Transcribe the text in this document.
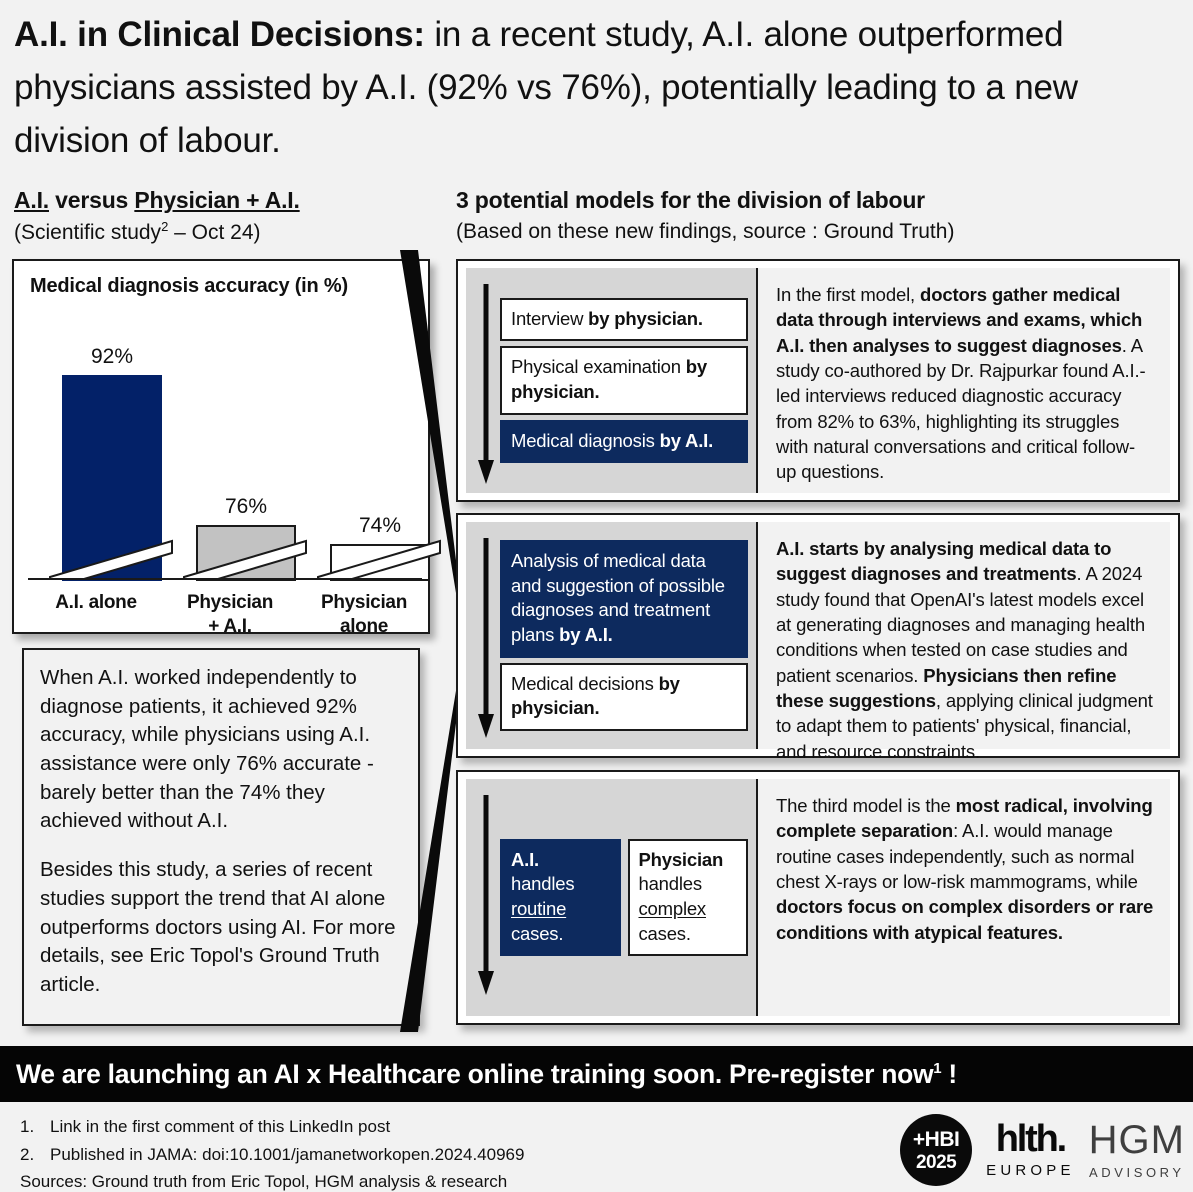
A.I. in Clinical Decisions: in a recent study, A.I. alone outperformed physicians assisted by A.I. (92% vs 76%), potentially leading to a new division of labour.
A.I. versus Physician + A.I.
(Scientific study$^2$ – Oct 24)
Medical diagnosis accuracy (in %)
92%
76%
74%
A.I. alone	Physician
+ A.I.
Physician
alone

When A.I. worked independently to diagnose patients, it achieved 92% accuracy, while physicians using A.I. assistance were only 76% accurate - barely better than the 74% they achieved without A.I.

Besides this study, a series of recent studies support the trend that AI alone outperforms doctors using AI. For more details, see Eric Topol's Ground Truth article.

3 potential models for the division of labour
(Based on these new findings, source : Ground Truth)
Interview by physician.
Physical examination by physician.
Medical diagnosis by A.I.
In the first model, doctors gather medical data through interviews and exams, which A.I. then analyses to suggest diagnoses. A study co-authored by Dr. Rajpurkar found A.I.-led interviews reduced diagnostic accuracy from 82% to 63%, highlighting its struggles with natural conversations and critical follow-up questions.
Analysis of medical data and suggestion of possible diagnoses and treatment plans by A.I.
Medical decisions by physician.
A.I. starts by analysing medical data to suggest diagnoses and treatments. A 2024 study found that OpenAI's latest models excel at generating diagnoses and managing health conditions when tested on case studies and patient scenarios. Physicians then refine these suggestions, applying clinical judgment to adapt them to patients' physical, financial, and resource constraints.
A.I.
handles
routine
cases.
Physician
handles
complex
cases.
The third model is the most radical, involving complete separation: A.I. would manage routine cases independently, such as normal chest X-rays or low-risk mammograms, while doctors focus on complex disorders or rare conditions with atypical features.
We are launching an AI x Healthcare online training soon. Pre-register now$^1$ !
1. Link in the first comment of this LinkedIn post
2. Published in JAMA: doi:10.1001/jamanetworkopen.2024.40969
Sources: Ground truth from Eric Topol, HGM analysis & research
+HBI
2025
hlth.
EUROPE
HGM
ADVISORY
